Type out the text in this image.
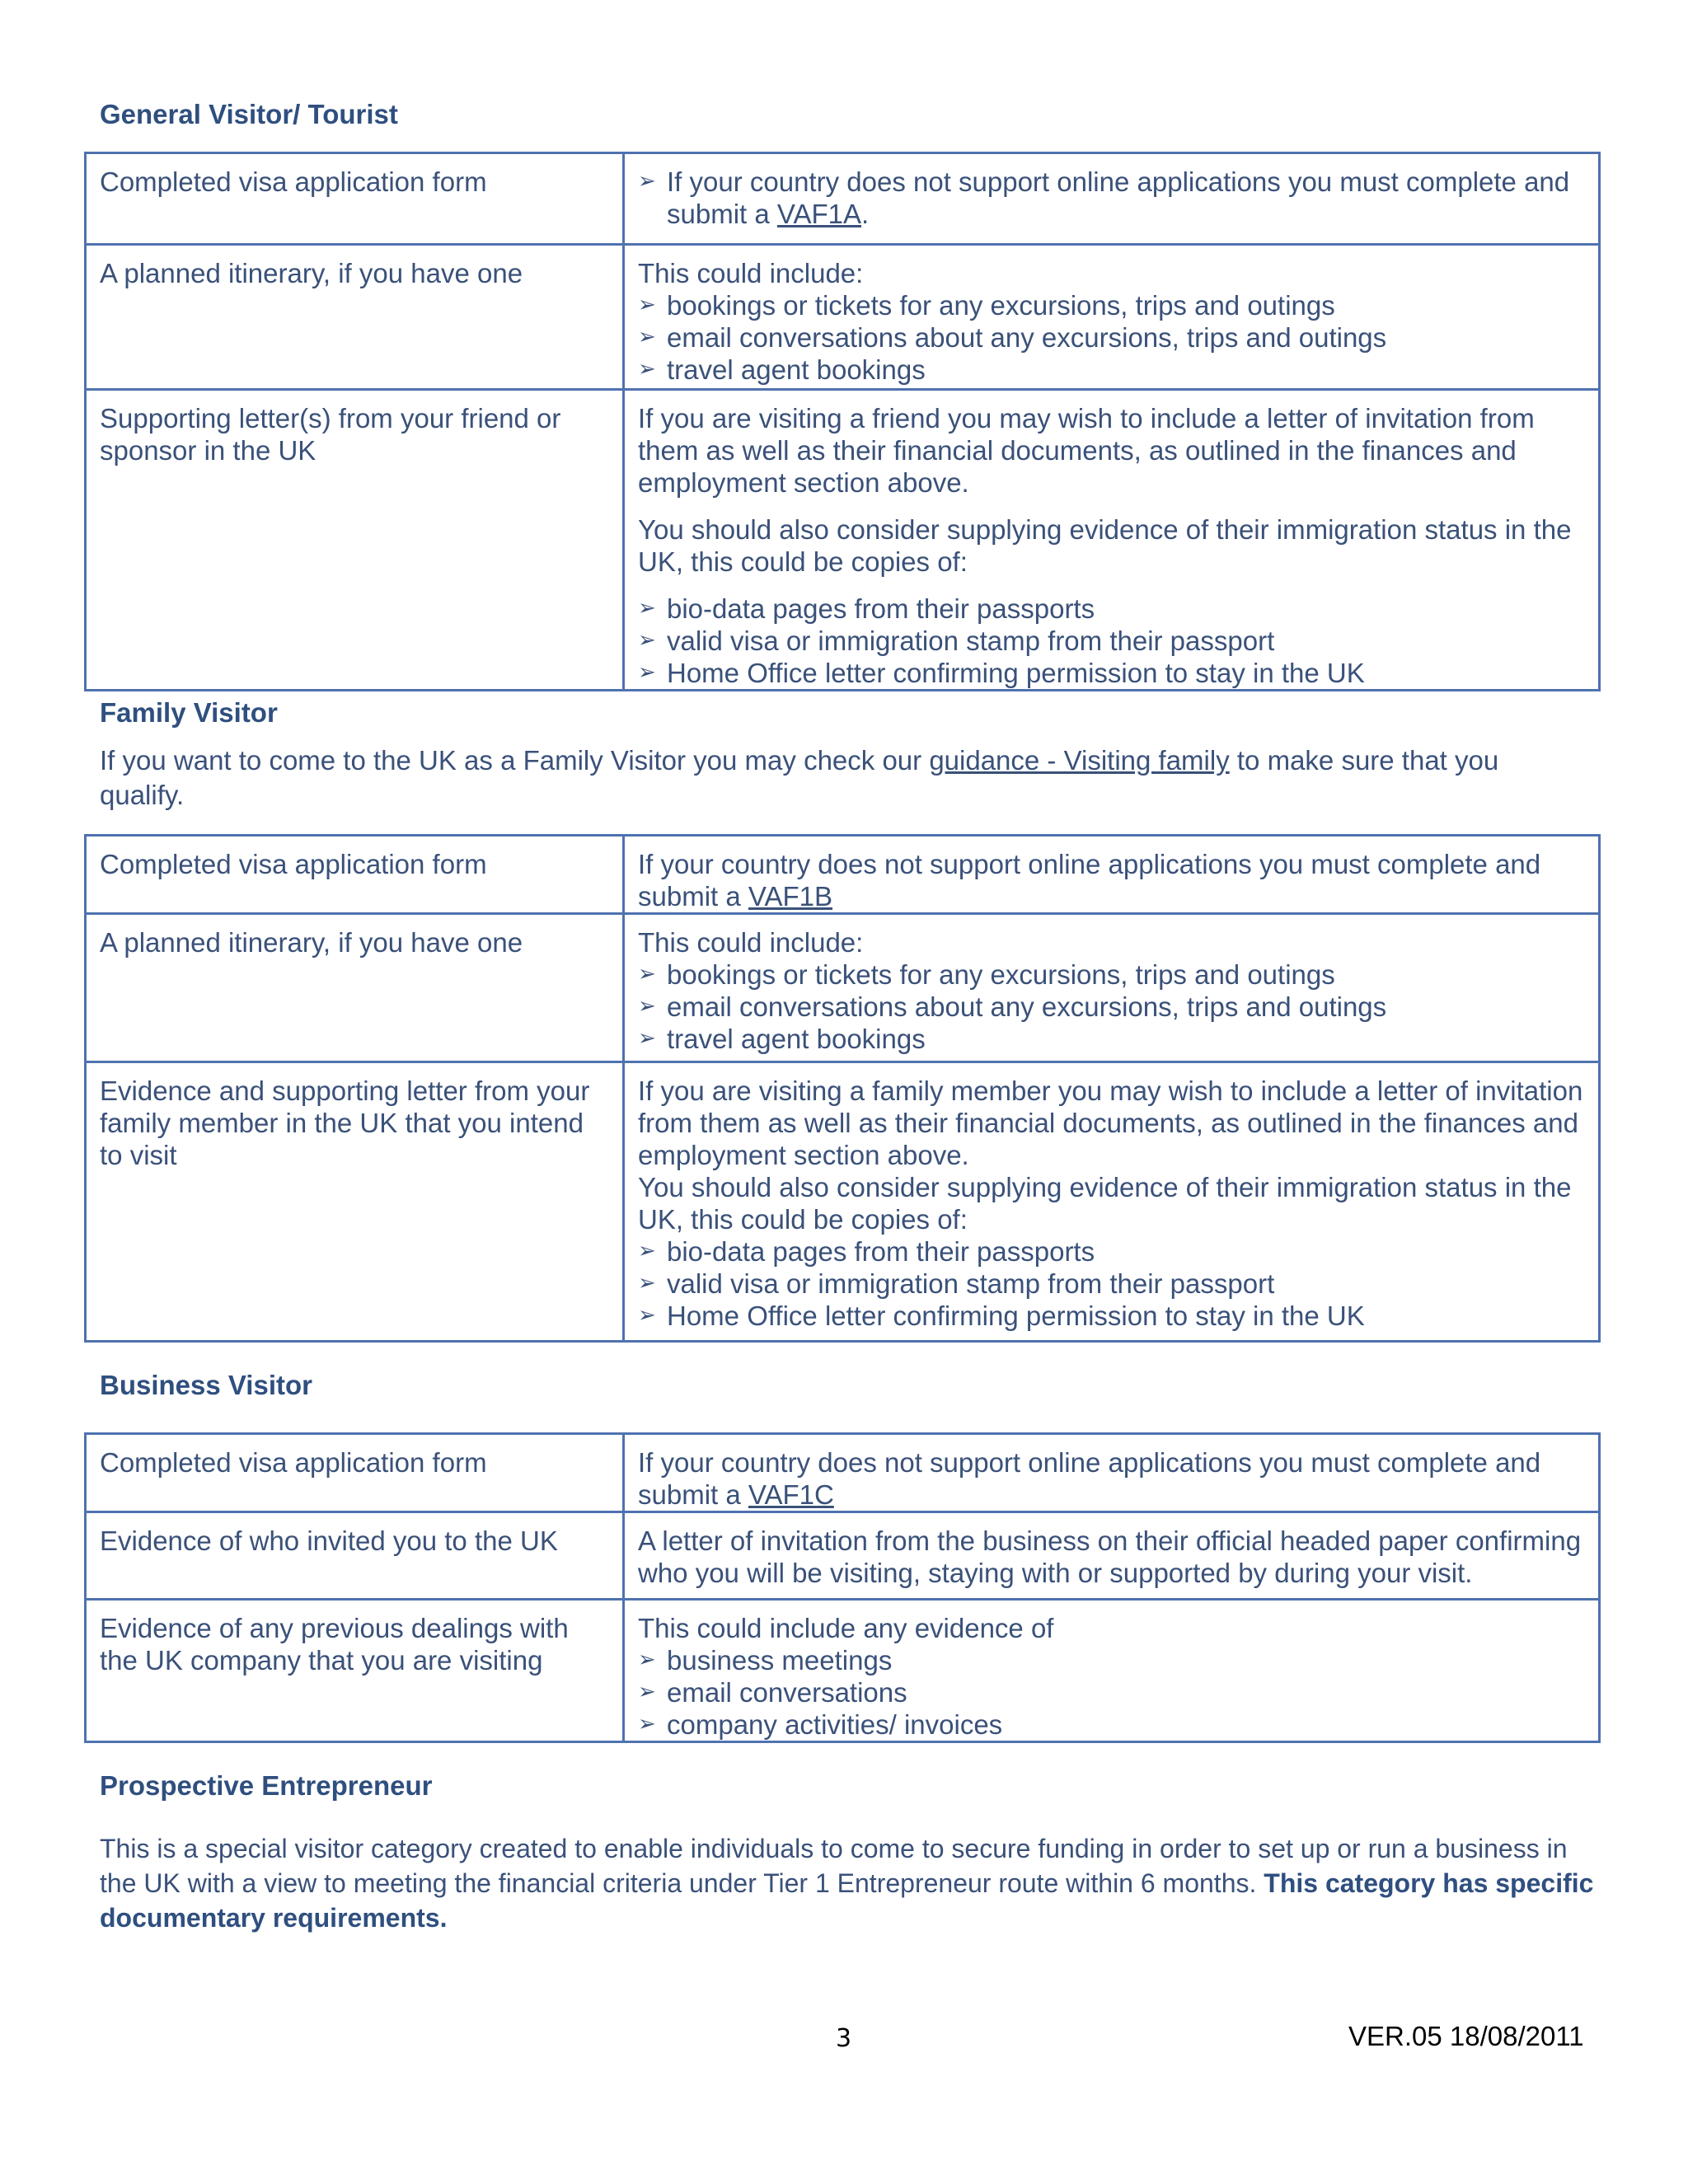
General Visitor/ Tourist
Completed visa application form	➢ If your country does not support online applications you must complete and submit a VAF1A.

A planned itinerary, if you have one	This could include:

➢ bookings or tickets for any excursions, trips and outings
➢ email conversations about any excursions, trips and outings
➢ travel agent bookings

Supporting letter(s) from your friend or sponsor in the UK	If you are visiting a friend you may wish to include a letter of invitation from them as well as their financial documents, as outlined in the finances and employment section above.

You should also consider supplying evidence of their immigration status in the UK, this could be copies of:

➢ bio-data pages from their passports
➢ valid visa or immigration stamp from their passport
➢ Home Office letter confirming permission to stay in the UK
Family Visitor
If you want to come to the UK as a Family Visitor you may check our guidance - Visiting family to make sure that you qualify.
Completed visa application form	If your country does not support online applications you must complete and submit a VAF1B
A planned itinerary, if you have one	This could include:

➢ bookings or tickets for any excursions, trips and outings
➢ email conversations about any excursions, trips and outings
➢ travel agent bookings

Evidence and supporting letter from your family member in the UK that you intend to visit	If you are visiting a family member you may wish to include a letter of invitation from them as well as their financial documents, as outlined in the finances and employment section above.

You should also consider supplying evidence of their immigration status in the UK, this could be copies of:

➢ bio-data pages from their passports
➢ valid visa or immigration stamp from their passport
➢ Home Office letter confirming permission to stay in the UK
Business Visitor
Completed visa application form	If your country does not support online applications you must complete and submit a VAF1C
Evidence of who invited you to the UK	A letter of invitation from the business on their official headed paper confirming who you will be visiting, staying with or supported by during your visit.
Evidence of any previous dealings with the UK company that you are visiting	This could include any evidence of

➢ business meetings
➢ email conversations
➢ company activities/ invoices
Prospective Entrepreneur
This is a special visitor category created to enable individuals to come to secure funding in order to set up or run a business in the UK with a view to meeting the financial criteria under Tier 1 Entrepreneur route within 6 months. This category has specific documentary requirements.
3	VER.05 18/08/2011
